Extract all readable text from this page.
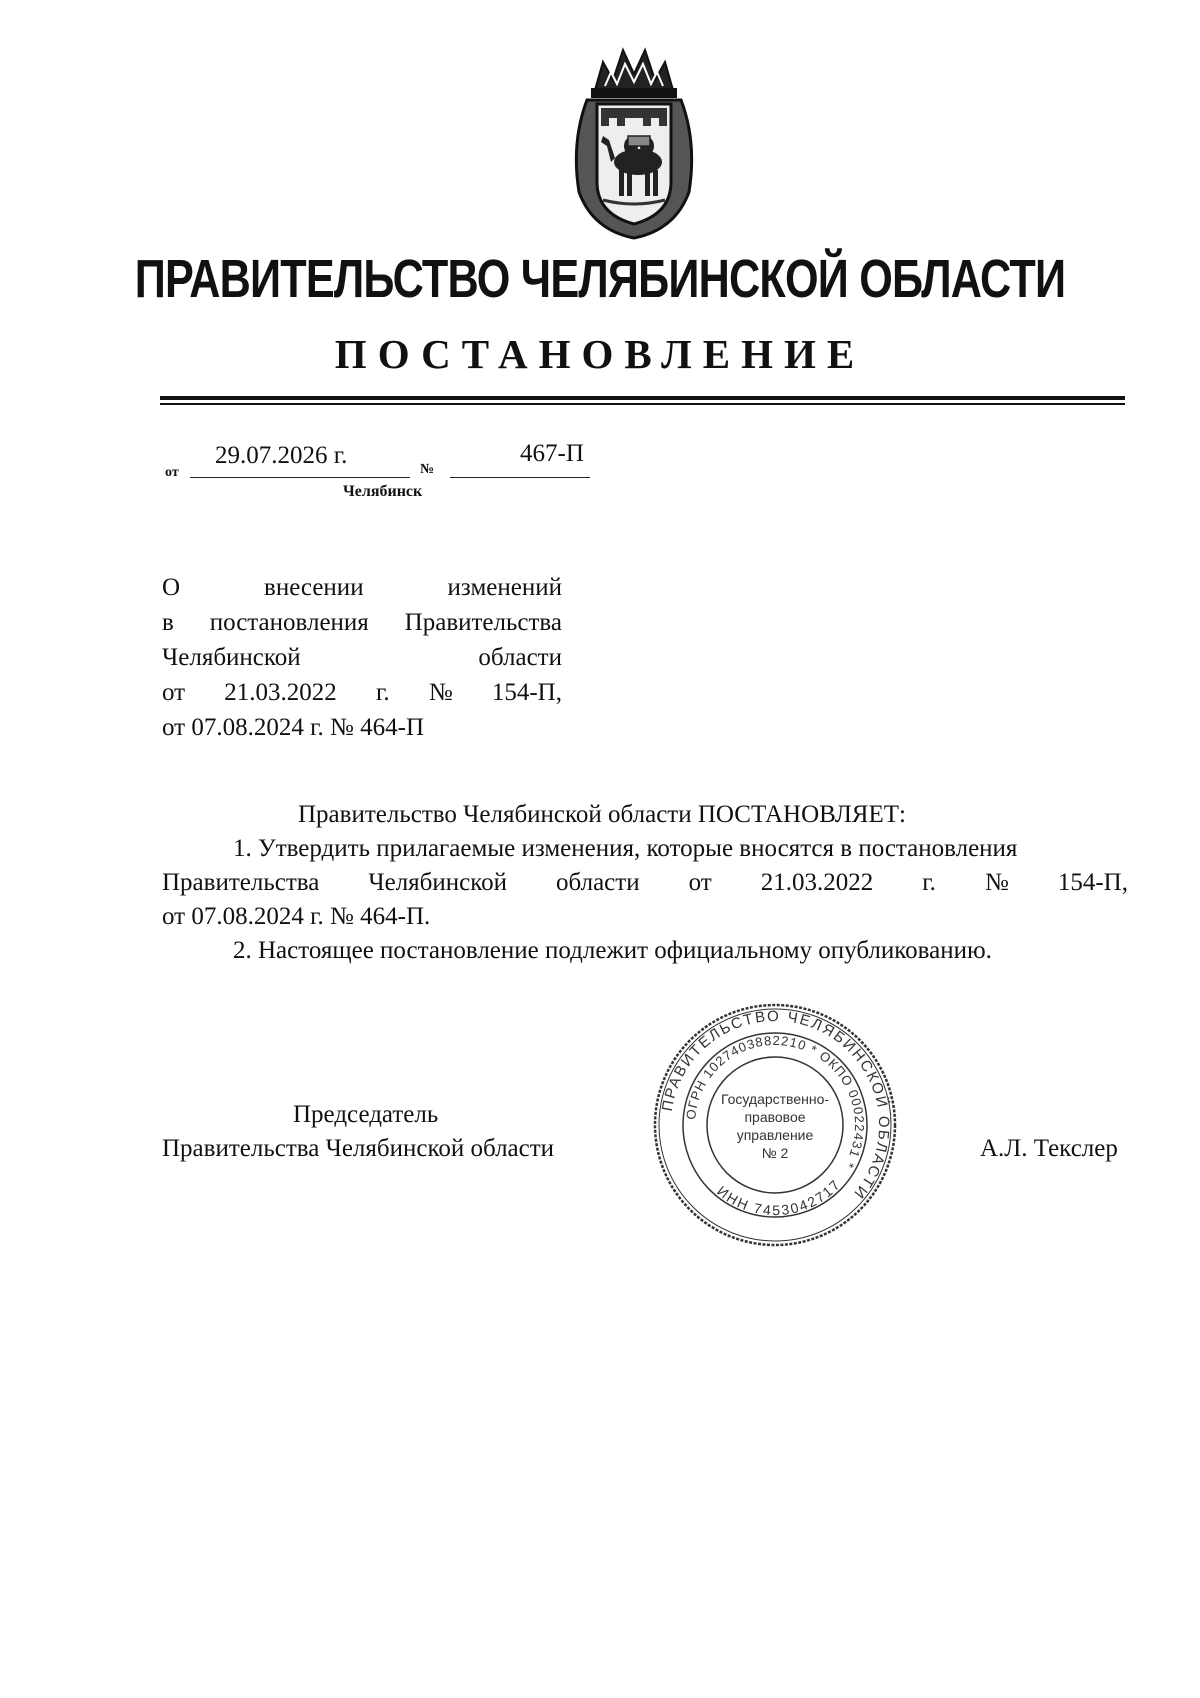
ПРАВИТЕЛЬСТВО ЧЕЛЯБИНСКОЙ ОБЛАСТИ
ПОСТАНОВЛЕНИЕ
от
29.07.2026 г.
№
467-П
Челябинск
О	внесении	изменений
в постановления Правительства
Челябинской	области
от 21.03.2022 г. № 154-П,
от 07.08.2024 г. № 464-П
Правительство Челябинской области ПОСТАНОВЛЯЕТ:
1. Утвердить прилагаемые изменения, которые вносятся в постановления
Правительства Челябинской области от 21.03.2022 г. № 154-П,
от 07.08.2024 г. № 464-П.
2. Настоящее постановление подлежит официальному опубликованию.
Председатель
Правительства Челябинской области	А.Л. Текслер
ПРАВИТЕЛЬСТВО ЧЕЛЯБИНСКОЙ ОБЛАСТИ
ОГРН 1027403882210 * ОКПО 00022431 *
ИНН 7453042717
Государственно-
правовое
управление
№ 2
